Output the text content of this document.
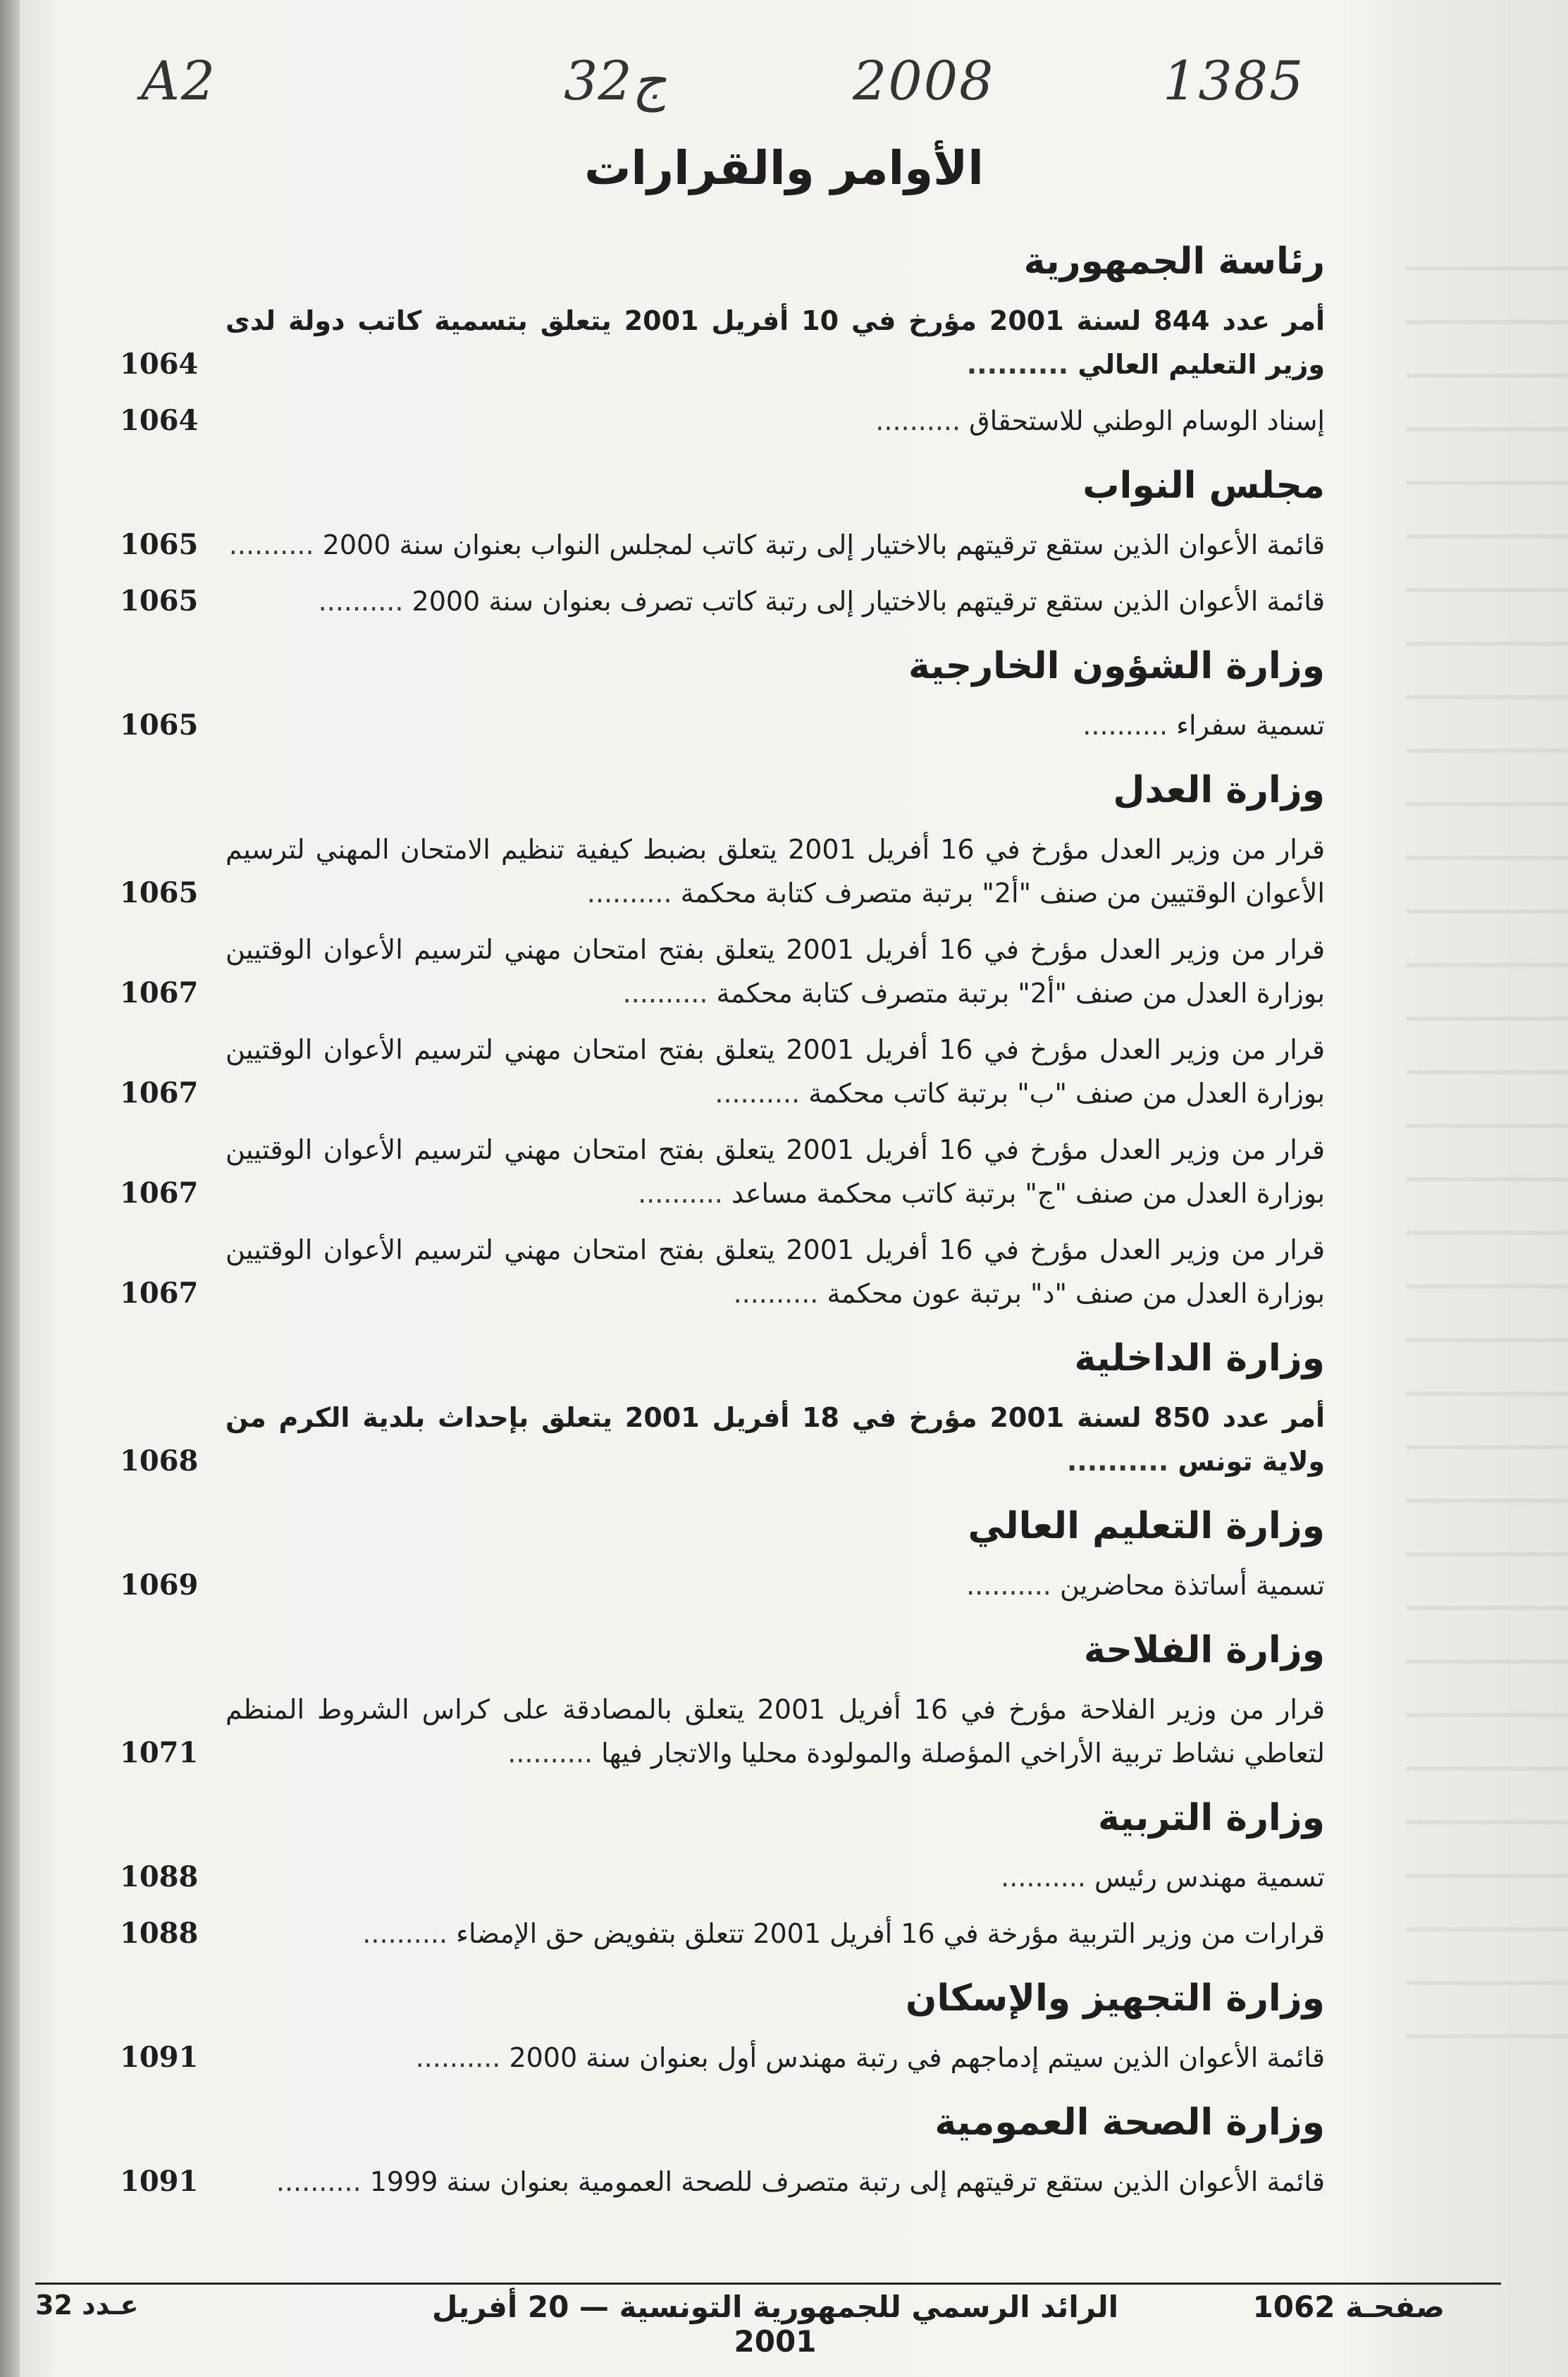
A2	32ج	2008	1385
الأوامر والقرارات
رئاسة الجمهورية
أمر عدد 844 لسنة 2001 مؤرخ في 10 أفريل 2001 يتعلق بتسمية كاتب دولة لدى وزير التعليم العالي ..........
1064
إسناد الوسام الوطني للاستحقاق ..........
1064
مجلس النواب
قائمة الأعوان الذين ستقع ترقيتهم بالاختيار إلى رتبة كاتب لمجلس النواب بعنوان سنة 2000 ..........
1065
قائمة الأعوان الذين ستقع ترقيتهم بالاختيار إلى رتبة كاتب تصرف بعنوان سنة 2000 ..........
1065
وزارة الشؤون الخارجية
تسمية سفراء ..........
1065
وزارة العدل
قرار من وزير العدل مؤرخ في 16 أفريل 2001 يتعلق بضبط كيفية تنظيم الامتحان المهني لترسيم الأعوان الوقتيين من صنف "أ2" برتبة متصرف كتابة محكمة ..........
1065
قرار من وزير العدل مؤرخ في 16 أفريل 2001 يتعلق بفتح امتحان مهني لترسيم الأعوان الوقتيين بوزارة العدل من صنف "أ2" برتبة متصرف كتابة محكمة ..........
1067
قرار من وزير العدل مؤرخ في 16 أفريل 2001 يتعلق بفتح امتحان مهني لترسيم الأعوان الوقتيين بوزارة العدل من صنف "ب" برتبة كاتب محكمة ..........
1067
قرار من وزير العدل مؤرخ في 16 أفريل 2001 يتعلق بفتح امتحان مهني لترسيم الأعوان الوقتيين بوزارة العدل من صنف "ج" برتبة كاتب محكمة مساعد ..........
1067
قرار من وزير العدل مؤرخ في 16 أفريل 2001 يتعلق بفتح امتحان مهني لترسيم الأعوان الوقتيين بوزارة العدل من صنف "د" برتبة عون محكمة ..........
1067
وزارة الداخلية
أمر عدد 850 لسنة 2001 مؤرخ في 18 أفريل 2001 يتعلق بإحداث بلدية الكرم من ولاية تونس ..........
1068
وزارة التعليم العالي
تسمية أساتذة محاضرين ..........
1069
وزارة الفلاحة
قرار من وزير الفلاحة مؤرخ في 16 أفريل 2001 يتعلق بالمصادقة على كراس الشروط المنظم لتعاطي نشاط تربية الأراخي المؤصلة والمولودة محليا والاتجار فيها ..........
1071
وزارة التربية
تسمية مهندس رئيس ..........
1088
قرارات من وزير التربية مؤرخة في 16 أفريل 2001 تتعلق بتفويض حق الإمضاء ..........
1088
وزارة التجهيز والإسكان
قائمة الأعوان الذين سيتم إدماجهم في رتبة مهندس أول بعنوان سنة 2000 ..........
1091
وزارة الصحة العمومية
قائمة الأعوان الذين ستقع ترقيتهم إلى رتبة متصرف للصحة العمومية بعنوان سنة 1999 ..........
1091
صفحـة 1062
الرائد الرسمي للجمهورية التونسية — 20 أفريل 2001
عـدد 32
